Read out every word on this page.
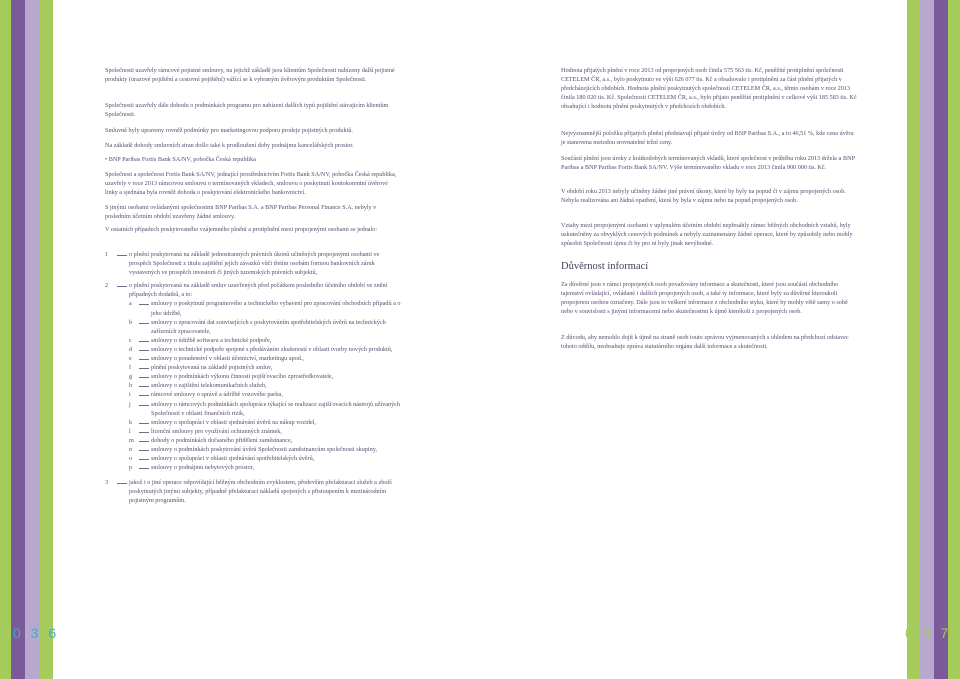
Společnosti uzavřely rámcové pojistné smlouvy, na jejichž základě jsou klientům Společnosti nabízeny další pojistné produkty (úrazové pojištění a cestovní pojištění) vážící se k vybraným úvěrovým produktům Společnosti.

Společnosti uzavřely dále dohodu o podmínkách programu pro nabízení dalších typů pojištění stávajícím klientům Společnosti.

Smluvně byly upraveny rovněž podmínky pro marketingovou podporu prodeje pojistných produktů.

Na základě dohody smluvních stran došlo také k prodloužení doby podnájmu kancelářských prostor.

• BNP Paribas Fortis Bank SA/NV, pobočka Česká republika

Společnost a společnost Fortis Bank SA/NV, jednající prostřednictvím Fortis Bank SA/NV, pobočka Česká republika, uzavřely v roce 2013 rámcovou smlouvu o termínovaných vkladech, smlouvu o poskytnutí kontokorentní úvěrové linky a sjednána byla rovněž dohoda o poskytování elektronického bankovnictví.

S jinými osobami ovládanými společnostmi BNP Paribas S.A. a BNP Paribas Personal Finance S.A. nebyly v posledním účetním období uzavřeny žádné smlouvy.

V ostatních případech poskytovaného vzájemného plnění a protiplnění mezi propojenými osobami se jednalo:

1	o plnění poskytovaná na základě jednostranných právních úkonů učiněných propojenými osobami ve prospěch Společnosti z titulu zajištění jejích závazků vůči třetím osobám formou bankovních záruk vystavených ve prospěch investorů či jiných tuzemských právních subjektů,
2	o plnění poskytovaná na základě smluv uzavřených před počátkem posledního účetního období ve znění případných dodatků, a to:
a	smlouvy o poskytnutí programového a technického vybavení pro zpracování obchodních případů a o jeho údržbě,
b	smlouvy o zpracování dat souvisejících s poskytováním spotřebitelských úvěrů na technických zařízeních zpracovatele,
c	smlouvy o údržbě softwaru a technické podpoře,
d	smlouvy o technické podpoře spojené s předáváním zkušeností v oblasti tvorby nových produktů,
e	smlouvy o poradenství v oblasti účetnictví, marketingu apod.,
f	plnění poskytovaná na základě pojistných smluv,
g	smlouvy o podmínkách výkonu činnosti pojišťovacího zprostředkovatele,
h	smlouvy o zajištění telekomunikačních služeb,
i	rámcové smlouvy o správě a údržbě vozového parku,
j	smlouvy o rámcových podmínkách spolupráce týkající se realizace zajišťovacích nástrojů užívaných Společností v oblasti finančních rizik,
k	smlouvy o spolupráci v oblasti sjednávání úvěrů na nákup vozidel,
l	licenční smlouvy pro využívání ochranných známek,
m	dohody o podmínkách dočasného přidělení zaměstnance,
n	smlouvy o podmínkách poskytování úvěrů Společnosti zaměstnancům společnosti skupiny,
o	smlouvy o spolupráci v oblasti sjednávání spotřebitelských úvěrů,
p	smlouvy o podnájmu nebytových prostor,
3	jakož i o jiné operace odpovídající běžným obchodním zvyklostem, především přefakturaci služeb a zboží poskytnutých jinými subjekty, případně přefakturaci nákladů spojených s přistoupením k mezinárodním pojistným programům.
0 3 6

Hodnota přijatých plnění v roce 2013 od propojených osob činila 575 563 tis. Kč, peněžité protiplnění společnosti CETELEM ČR, a.s., bylo poskytnuto ve výši 626 077 tis. Kč a obsahovalo i protiplnění za část plnění přijatých v předcházejících obdobích. Hodnota plnění poskytnutých společností CETELEM ČR, a.s., těmto osobám v roce 2013 činila 180 020 tis. Kč. Společnosti CETELEM ČR, a.s., bylo přijato peněžité protiplnění v celkové výši 185 583 tis. Kč obsahující i hodnotu plnění poskytnutých v předchozích obdobích.

Nejvýznamnější položku přijatých plnění představují přijaté úvěry od BNP Paribas S.A., a to 46,51 %, kde cena úvěru je stanovena metodou srovnatelné tržní ceny.

Součástí plnění jsou úroky z krátkodobých termínovaných vkladů, které společnost v průběhu roku 2013 držela u BNP Paribas a BNP Paribas Fortis Bank SA/NV. Výše termínovaného vkladu v roce 2013 činila 900 000 tis. Kč.

V období roku 2013 nebyly učiněny žádné jiné právní úkony, které by byly na popud či v zájmu propojených osob. Nebyla realizována ani žádná opatření, která by byla v zájmu nebo na popud propojených osob.

Vztahy mezi propojenými osobami v uplynulém účetním období nepřesáhly rámec běžných obchodních vztahů, byly uskutečněny za obvyklých cenových podmínek a nebyly zaznamenány žádné operace, které by způsobily nebo mohly způsobit Společnosti újmu či by pro ni byly jinak nevýhodné.

Důvěrnost informací

Za důvěrné jsou v rámci propojených osob považovány informace a skutečnosti, které jsou součástí obchodního tajemství ovládající, ovládané i dalších propojených osob, a také ty informace, které byly za důvěrné kteroukoli propojenou osobou označeny. Dále jsou to veškeré informace z obchodního styku, které by mohly větě samy o sobě nebo v souvislosti s jinými informacemi nebo skutečnostmi k újmě kterékoli z propojených osob.

Z důvodu, aby nemohlo dojít k újmě na straně osob touto zprávou vyjmenovaných s ohledem na předchozí odstavec tohoto oddílu, neobsahuje zpráva statutárního orgánu další informace a skutečnosti.

0 3 7
